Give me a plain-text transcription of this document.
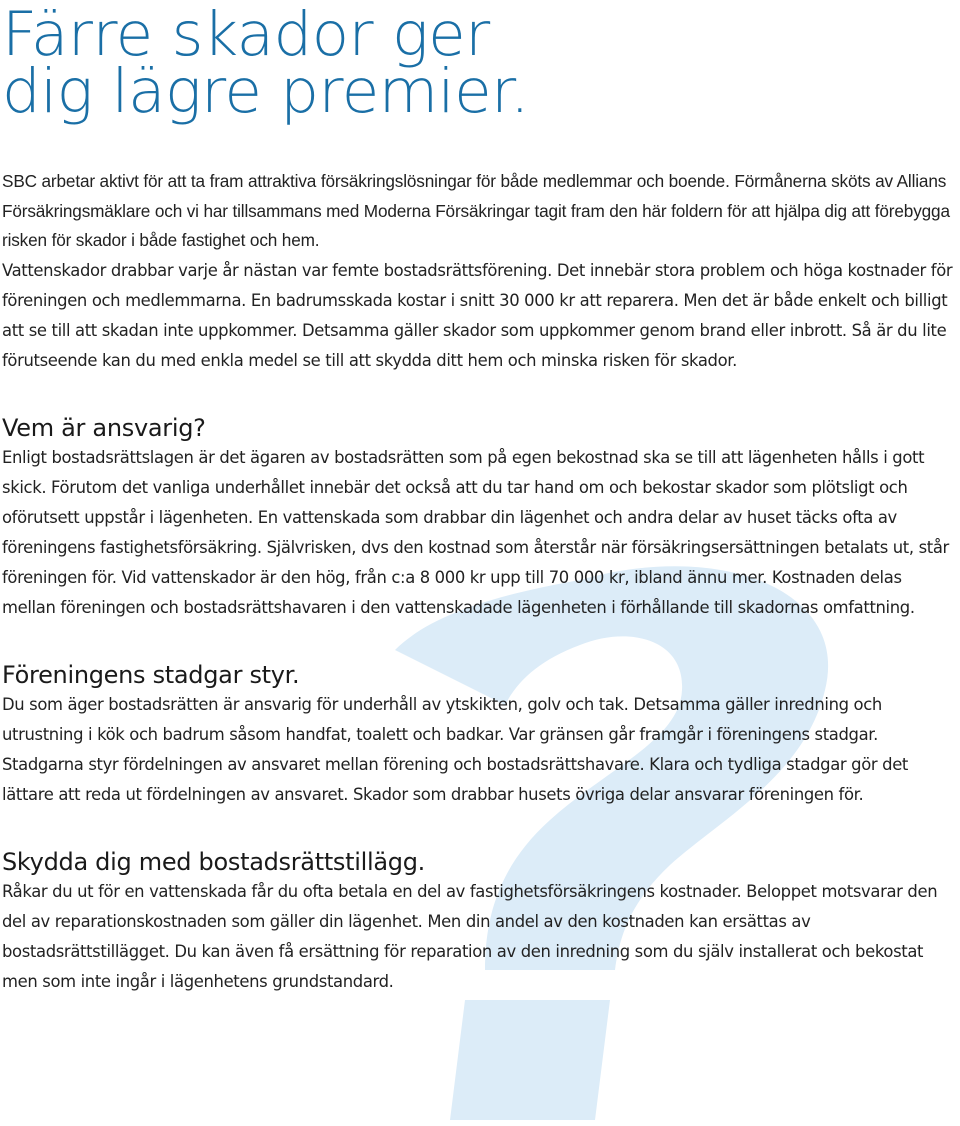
Färre skador ger
dig lägre premier.

SBC arbetar aktivt för att ta fram attraktiva försäkringslösningar för både medlemmar och boende. Förmånerna sköts av Allians Försäkringsmäklare och vi har tillsammans med Moderna Försäkringar tagit fram den här foldern för att hjälpa dig att förebygga risken för skador i både fastighet och hem.

Vattenskador drabbar varje år nästan var femte bostadsrättsförening. Det innebär stora problem och höga kostnader för föreningen och medlemmarna. En badrumsskada kostar i snitt 30 000 kr att reparera. Men det är både enkelt och billigt att se till att skadan inte uppkommer. Detsamma gäller skador som uppkommer genom brand eller inbrott. Så är du lite förutseende kan du med enkla medel se till att skydda ditt hem och minska risken för skador.

Vem är ansvarig?

Enligt bostadsrättslagen är det ägaren av bostadsrätten som på egen bekostnad ska se till att lägenheten hålls i gott skick. Förutom det vanliga underhållet innebär det också att du tar hand om och bekostar skador som plötsligt och oförutsett uppstår i lägenheten. En vattenskada som drabbar din lägenhet och andra delar av huset täcks ofta av föreningens fastighetsförsäkring. Självrisken, dvs den kostnad som återstår när försäkringsersättningen betalats ut, står föreningen för. Vid vattenskador är den hög, från c:a 8 000 kr upp till 70 000 kr, ibland ännu mer. Kostnaden delas mellan föreningen och bostadsrättshavaren i den vattenskadade lägenheten i förhållande till skadornas omfattning.

Föreningens stadgar styr.

Du som äger bostadsrätten är ansvarig för underhåll av ytskikten, golv och tak. Detsamma gäller inredning och utrustning i kök och badrum såsom handfat, toalett och badkar. Var gränsen går framgår i föreningens stadgar. Stadgarna styr fördelningen av ansvaret mellan förening och bostadsrättshavare. Klara och tydliga stadgar gör det lättare att reda ut fördelningen av ansvaret. Skador som drabbar husets övriga delar ansvarar föreningen för.

Skydda dig med bostadsrättstillägg.

Råkar du ut för en vattenskada får du ofta betala en del av fastighetsförsäkringens kostnader. Beloppet motsvarar den del av reparationskostnaden som gäller din lägenhet. Men din andel av den kostnaden kan ersättas av bostadsrättstillägget. Du kan även få ersättning för reparation av den inredning som du själv installerat och bekostat men som inte ingår i lägenhetens grundstandard.
